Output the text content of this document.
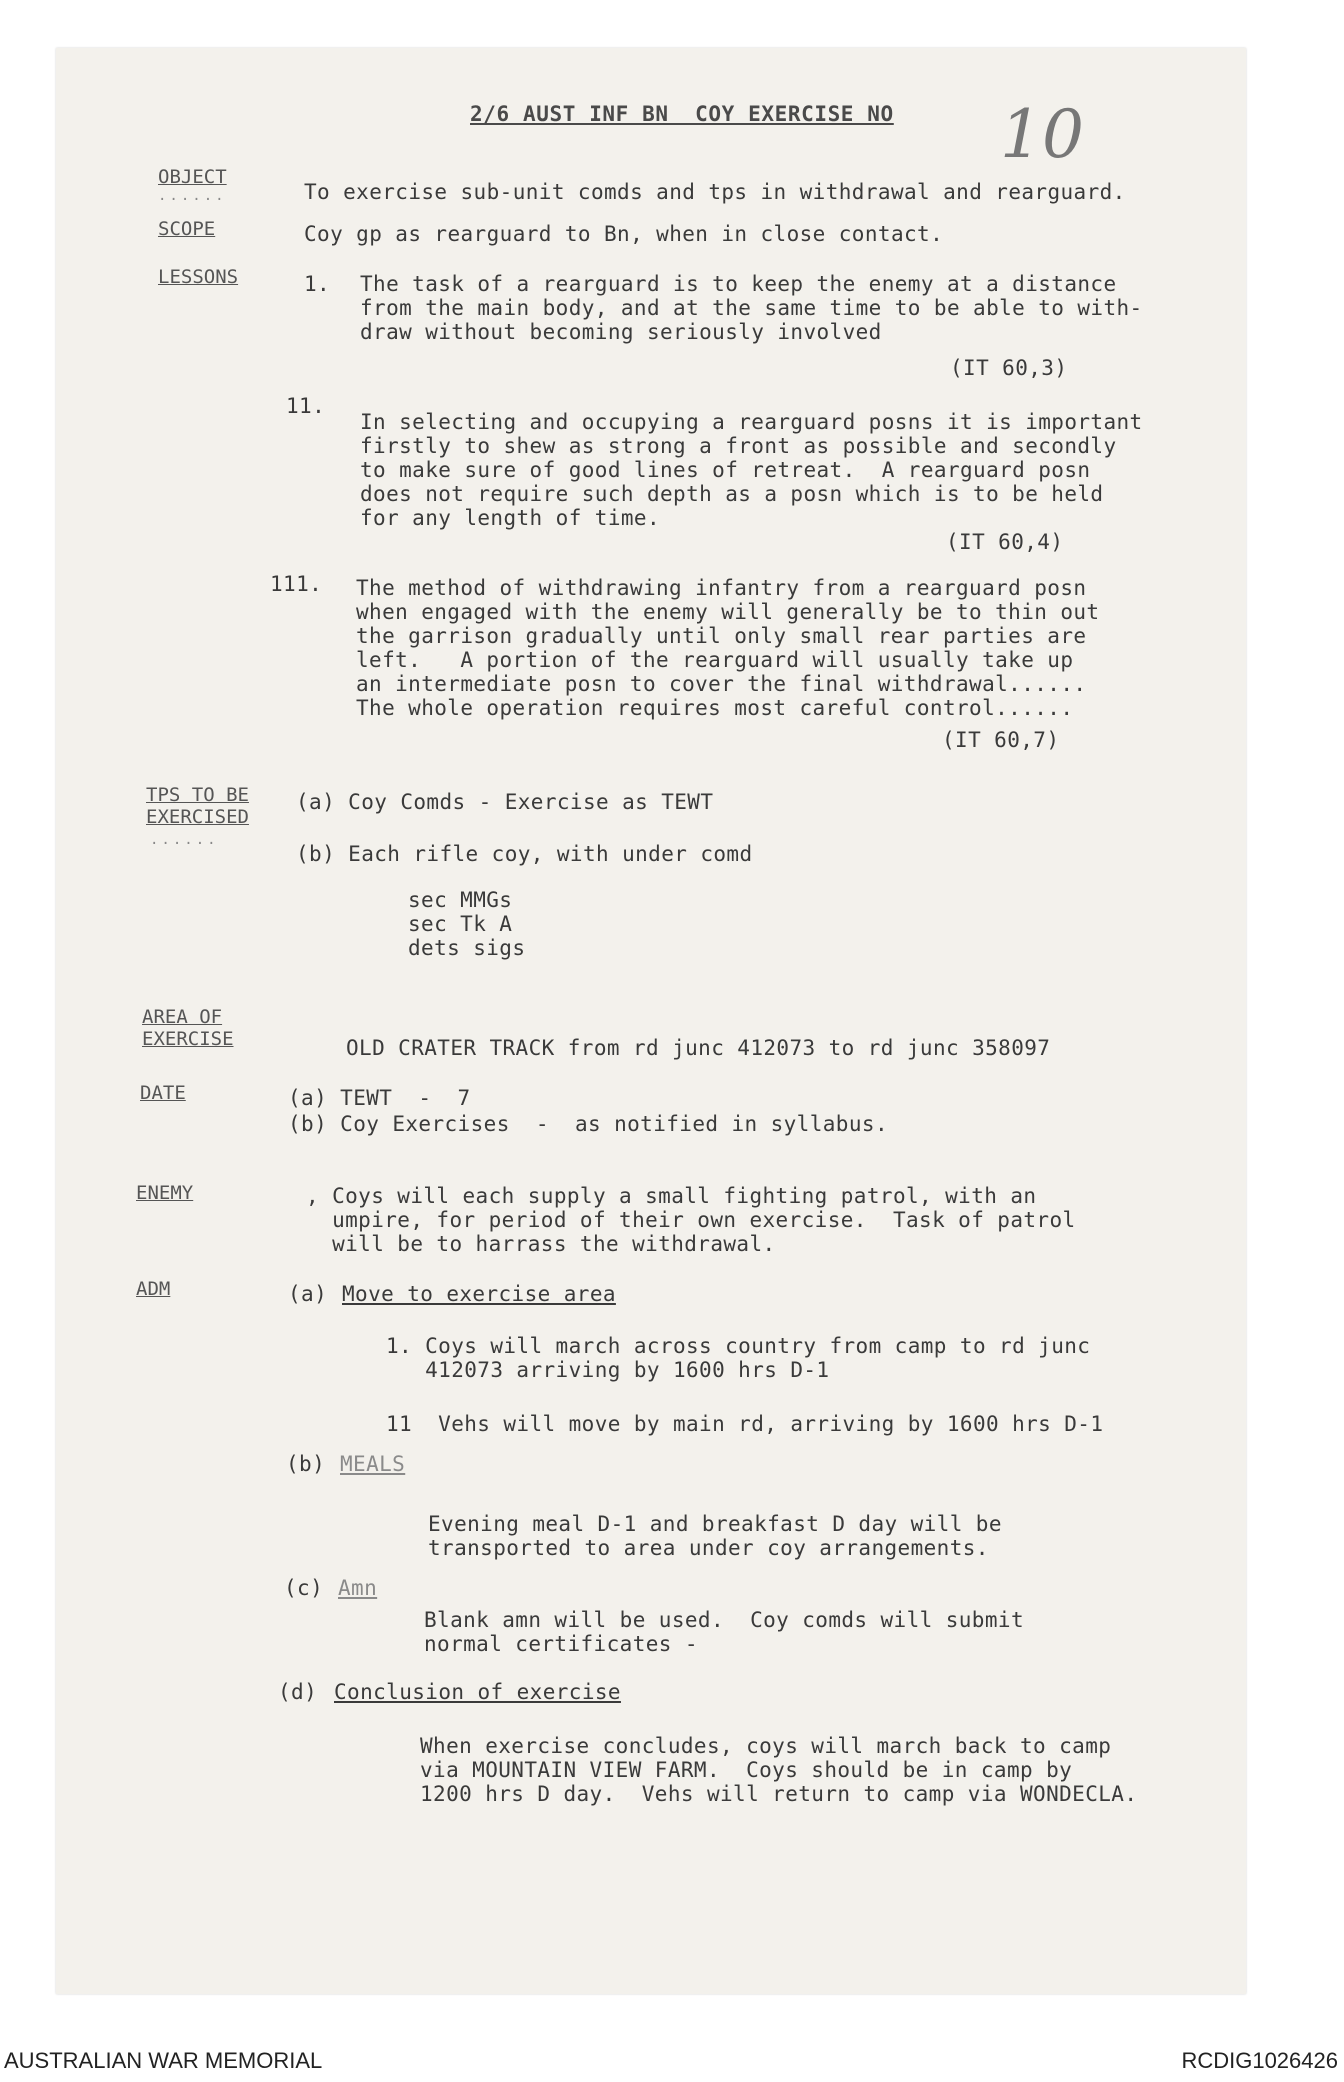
2/6 AUST INF BN  COY EXERCISE NO 10
OBJECT
......	To exercise sub-unit comds and tps in withdrawal and rearguard.
SCOPE	Coy gp as rearguard to Bn, when in close contact.
LESSONS	1. The task of a rearguard is to keep the enemy at a distance
from the main body, and at the same time to be able to with-
draw without becoming seriously involved
(IT 60,3)
11.
In selecting and occupying a rearguard posns it is important
firstly to shew as strong a front as possible and secondly
to make sure of good lines of retreat.  A rearguard posn
does not require such depth as a posn which is to be held
for any length of time.
(IT 60,4)
111. The method of withdrawing infantry from a rearguard posn
when engaged with the enemy will generally be to thin out
the garrison gradually until only small rear parties are
left.   A portion of the rearguard will usually take up
an intermediate posn to cover the final withdrawal......
The whole operation requires most careful control......
(IT 60,7)
TPS TO BE
EXERCISED
......
(a) Coy Comds - Exercise as TEWT
(b) Each rifle coy, with under comd
sec MMGs
sec Tk A
dets sigs
AREA OF
EXERCISE	OLD CRATER TRACK from rd junc 412073 to rd junc 358097
DATE	(a) TEWT  -  7
(b) Coy Exercises  -  as notified in syllabus.
ENEMY	, Coys will each supply a small fighting patrol, with an
umpire, for period of their own exercise.  Task of patrol
will be to harrass the withdrawal.
ADM	(a) Move to exercise area
1. Coys will march across country from camp to rd junc
412073 arriving by 1600 hrs D-1
11  Vehs will move by main rd, arriving by 1600 hrs D-1
(b) MEALS
Evening meal D-1 and breakfast D day will be
transported to area under coy arrangements.
(c) Amn
Blank amn will be used.  Coy comds will submit
normal certificates -
(d) Conclusion of exercise
When exercise concludes, coys will march back to camp
via MOUNTAIN VIEW FARM.  Coys should be in camp by
1200 hrs D day.  Vehs will return to camp via WONDECLA.
AUSTRALIAN WAR MEMORIAL	RCDIG1026426
